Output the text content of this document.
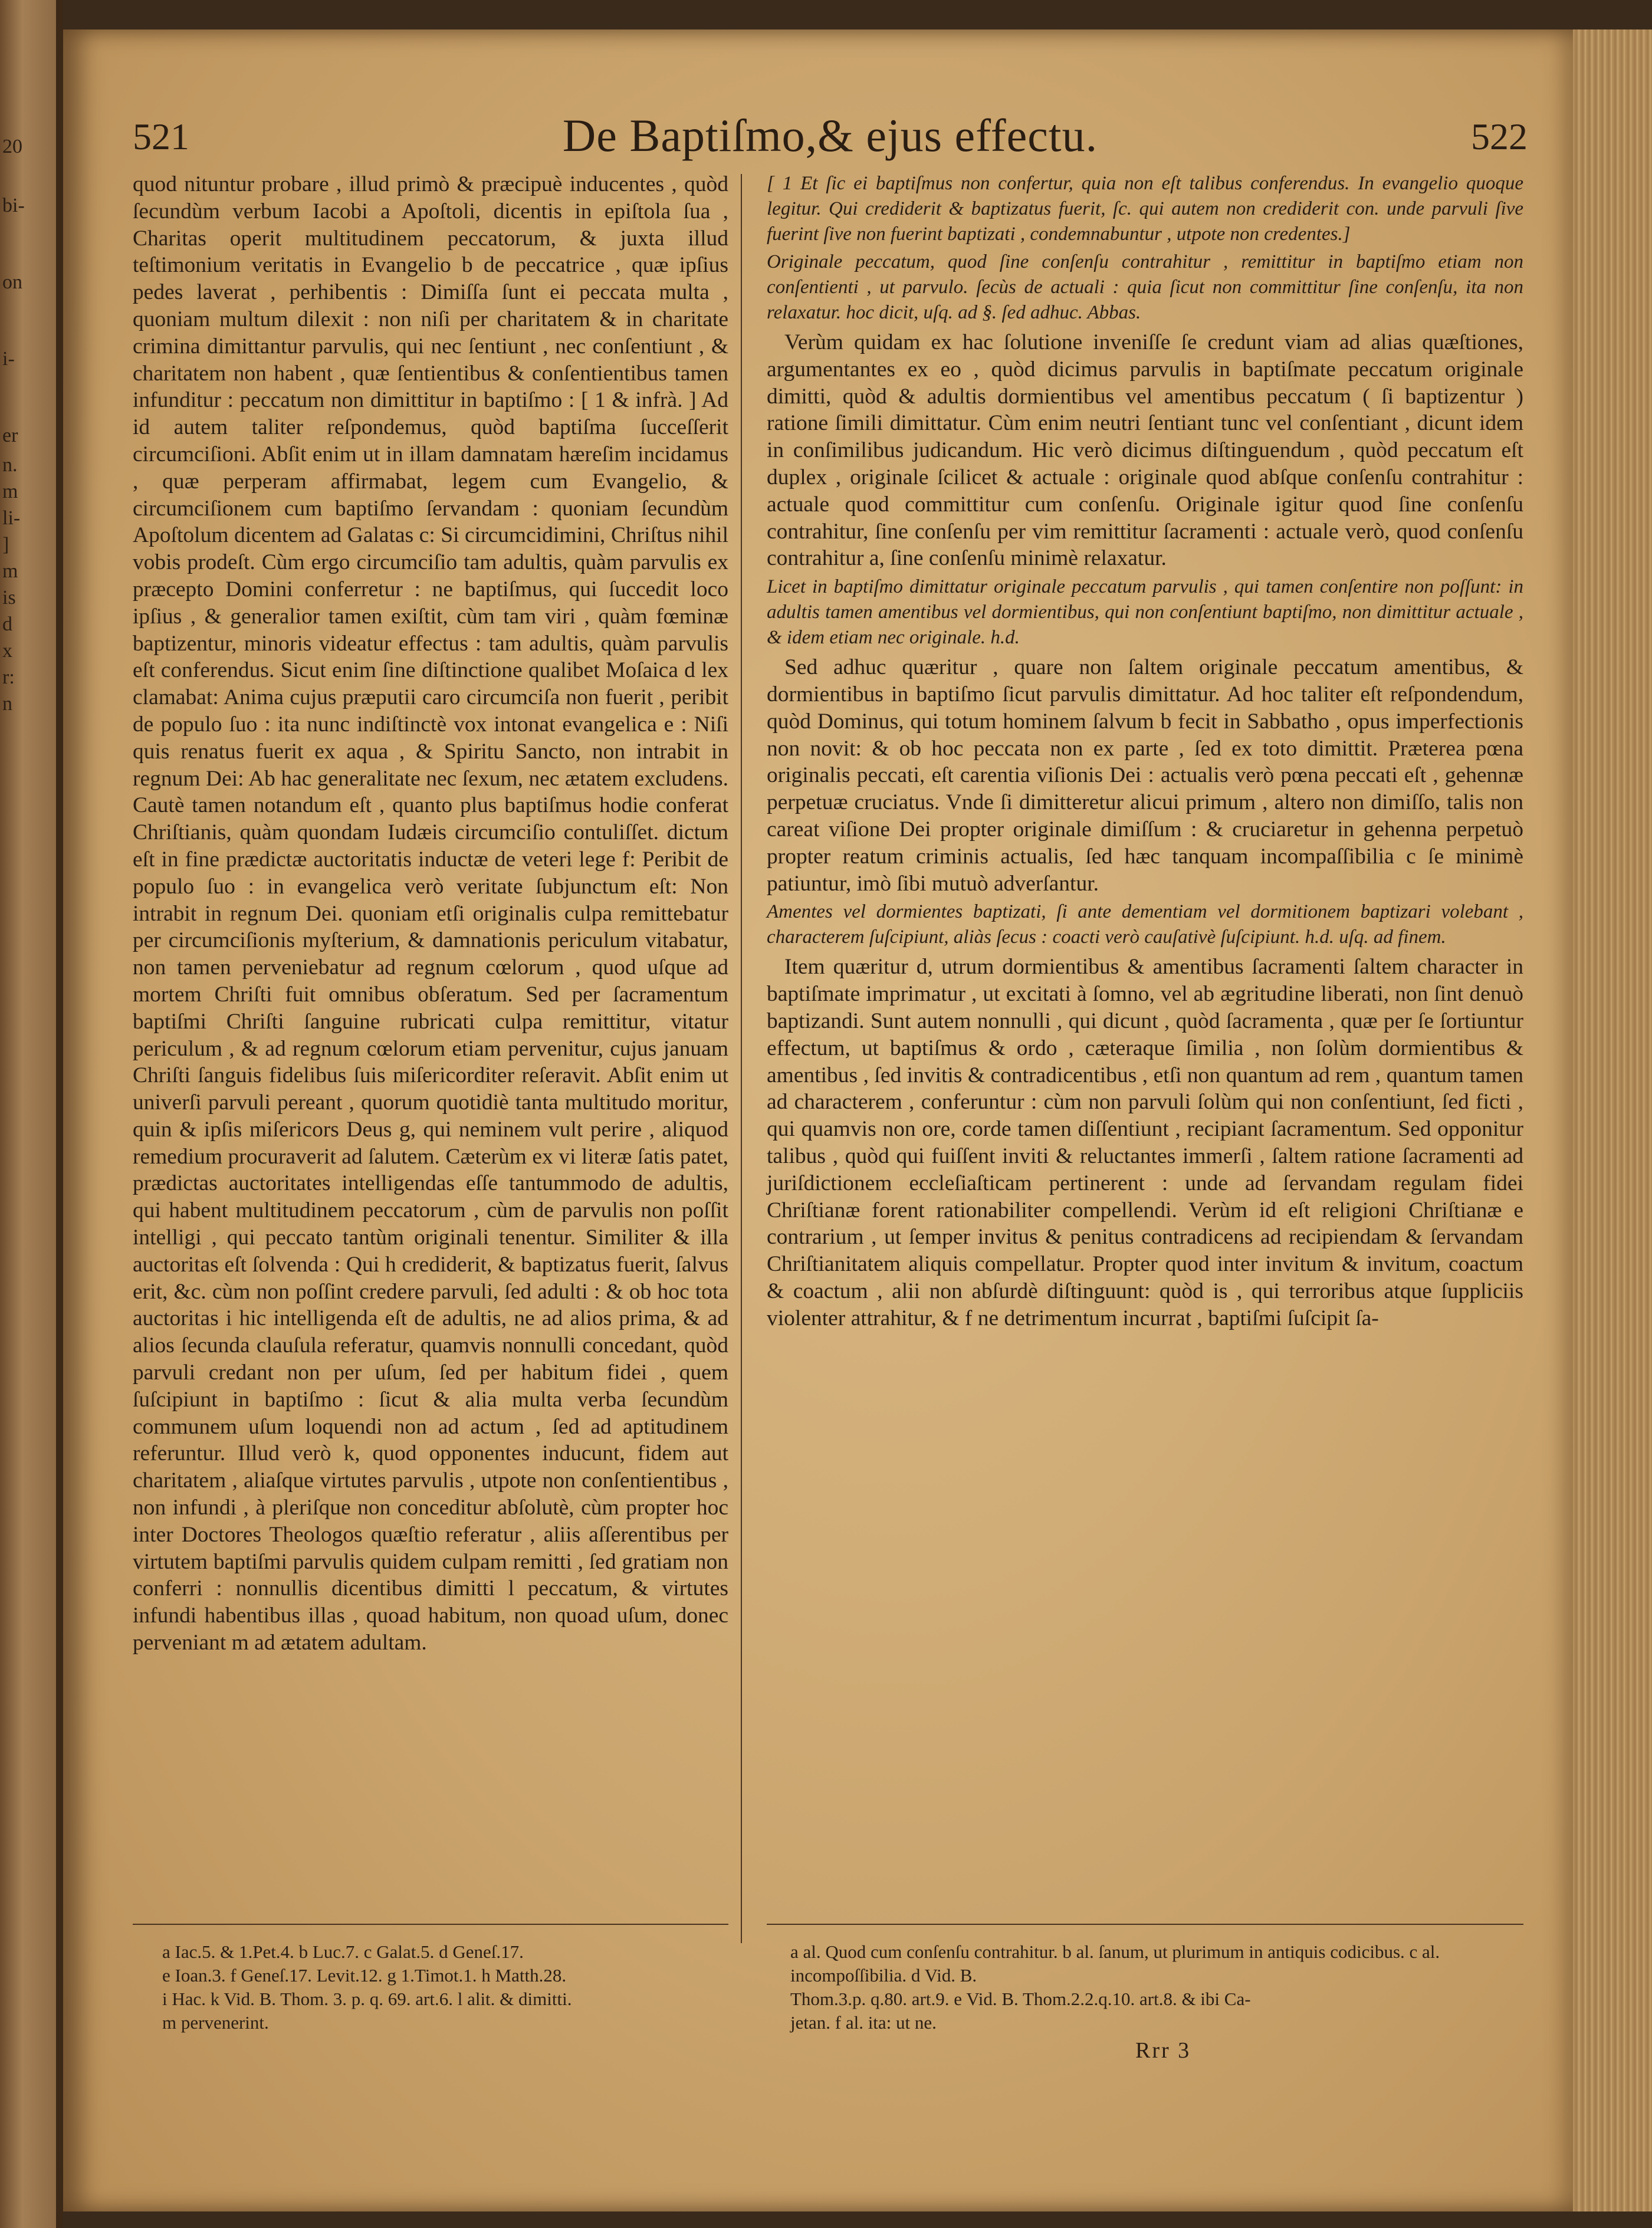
20
bi-
on
i-
er
n.
m
li-
]
m
is
d
x
r:
n
521	De Baptiſmo,& ejus effectu.	522

quod nituntur probare , illud primò & præcipuè inducentes , quòd ſecundùm verbum Iacobi a Apoſtoli, dicentis in epiſtola ſua , Charitas operit multitudinem peccatorum, & juxta illud teſtimonium veritatis in Evangelio b de peccatrice , quæ ipſius pedes laverat , perhibentis : Dimiſſa ſunt ei peccata multa , quoniam multum dilexit : non niſi per charitatem & in charitate crimina dimittantur parvulis, qui nec ſentiunt , nec conſentiunt , & charitatem non habent , quæ ſentientibus & conſentientibus tamen infunditur : peccatum non dimittitur in baptiſmo : [ 1 & infrà. ] Ad id autem taliter reſpondemus, quòd baptiſma ſucceſſerit circumciſioni. Abſit enim ut in illam damnatam hæreſim incidamus , quæ perperam affirmabat, legem cum Evangelio, & circumciſionem cum baptiſmo ſervandam : quoniam ſecundùm Apoſtolum dicentem ad Galatas c: Si circumcidimini, Chriſtus nihil vobis prodeſt. Cùm ergo circumciſio tam adultis, quàm parvulis ex præcepto Domini conferretur : ne baptiſmus, qui ſuccedit loco ipſius , & generalior tamen exiſtit, cùm tam viri , quàm fœminæ baptizentur, minoris videatur effectus : tam adultis, quàm parvulis eſt conferendus. Sicut enim ſine diſtinctione qualibet Moſaica d lex clamabat: Anima cujus præputii caro circumciſa non fuerit , peribit de populo ſuo : ita nunc indiſtinctè vox intonat evangelica e : Niſi quis renatus fuerit ex aqua , & Spiritu Sancto, non intrabit in regnum Dei: Ab hac generalitate nec ſexum, nec ætatem excludens. Cautè tamen notandum eſt , quanto plus baptiſmus hodie conferat Chriſtianis, quàm quondam Iudæis circumciſio contuliſſet. dictum eſt in fine prædictæ auctoritatis inductæ de veteri lege f: Peribit de populo ſuo : in evangelica verò veritate ſubjunctum eſt: Non intrabit in regnum Dei. quoniam etſi originalis culpa remittebatur per circumciſionis myſterium, & damnationis periculum vitabatur, non tamen perveniebatur ad regnum cœlorum , quod uſque ad mortem Chriſti fuit omnibus obſeratum. Sed per ſacramentum baptiſmi Chriſti ſanguine rubricati culpa remittitur, vitatur periculum , & ad regnum cœlorum etiam pervenitur, cujus januam Chriſti ſanguis fidelibus ſuis miſericorditer reſeravit. Abſit enim ut univerſi parvuli pereant , quorum quotidiè tanta multitudo moritur, quin & ipſis miſericors Deus g, qui neminem vult perire , aliquod remedium procuraverit ad ſalutem. Cæterùm ex vi literæ ſatis patet, prædictas auctoritates intelligendas eſſe tantummodo de adultis, qui habent multitudinem peccatorum , cùm de parvulis non poſſit intelligi , qui peccato tantùm originali tenentur. Similiter & illa auctoritas eſt ſolvenda : Qui h crediderit, & baptizatus fuerit, ſalvus erit, &c. cùm non poſſint credere parvuli, ſed adulti : & ob hoc tota auctoritas i hic intelligenda eſt de adultis, ne ad alios prima, & ad alios ſecunda clauſula referatur, quamvis nonnulli concedant, quòd parvuli credant non per uſum, ſed per habitum fidei , quem ſuſcipiunt in baptiſmo : ſicut & alia multa verba ſecundùm communem uſum loquendi non ad actum , ſed ad aptitudinem referuntur. Illud verò k, quod opponentes inducunt, fidem aut charitatem , aliaſque virtutes parvulis , utpote non conſentientibus , non infundi , à pleriſque non conceditur abſolutè, cùm propter hoc inter Doctores Theologos quæſtio referatur , aliis aſſerentibus per virtutem baptiſmi parvulis quidem culpam remitti , ſed gratiam non conferri : nonnullis dicentibus dimitti l peccatum, & virtutes infundi habentibus illas , quoad habitum, non quoad uſum, donec perveniant m ad ætatem adultam.

[ 1 Et ſic ei baptiſmus non confertur, quia non eſt talibus conferendus. In evangelio quoque legitur. Qui crediderit & baptizatus fuerit, ſc. qui autem non crediderit con. unde parvuli ſive fuerint ſive non fuerint baptizati , condemnabuntur , utpote non credentes.]

Originale peccatum, quod ſine conſenſu contrahitur , remittitur in baptiſmo etiam non conſentienti , ut parvulo. ſecùs de actuali : quia ſicut non committitur ſine conſenſu, ita non relaxatur. hoc dicit, uſq. ad §. ſed adhuc. Abbas.

Verùm quidam ex hac ſolutione inveniſſe ſe credunt viam ad alias quæſtiones, argumentantes ex eo , quòd dicimus parvulis in baptiſmate peccatum originale dimitti, quòd & adultis dormientibus vel amentibus peccatum ( ſi baptizentur ) ratione ſimili dimittatur. Cùm enim neutri ſentiant tunc vel conſentiant , dicunt idem in conſimilibus judicandum. Hic verò dicimus diſtinguendum , quòd peccatum eſt duplex , originale ſcilicet & actuale : originale quod abſque conſenſu contrahitur : actuale quod committitur cum conſenſu. Originale igitur quod ſine conſenſu contrahitur, ſine conſenſu per vim remittitur ſacramenti : actuale verò, quod conſenſu contrahitur a, ſine conſenſu minimè relaxatur.

Licet in baptiſmo dimittatur originale peccatum parvulis , qui tamen conſentire non poſſunt: in adultis tamen amentibus vel dormientibus, qui non conſentiunt baptiſmo, non dimittitur actuale , & idem etiam nec originale. h.d.

Sed adhuc quæritur , quare non ſaltem originale peccatum amentibus, & dormientibus in baptiſmo ſicut parvulis dimittatur. Ad hoc taliter eſt reſpondendum, quòd Dominus, qui totum hominem ſalvum b fecit in Sabbatho , opus imperfectionis non novit: & ob hoc peccata non ex parte , ſed ex toto dimittit. Præterea pœna originalis peccati, eſt carentia viſionis Dei : actualis verò pœna peccati eſt , gehennæ perpetuæ cruciatus. Vnde ſi dimitteretur alicui primum , altero non dimiſſo, talis non careat viſione Dei propter originale dimiſſum : & cruciaretur in gehenna perpetuò propter reatum criminis actualis, ſed hæc tanquam incompaſſibilia c ſe minimè patiuntur, imò ſibi mutuò adverſantur.

Amentes vel dormientes baptizati, ſi ante dementiam vel dormitionem baptizari volebant , characterem ſuſcipiunt, aliàs ſecus : coacti verò cauſativè ſuſcipiunt. h.d. uſq. ad finem.

Item quæritur d, utrum dormientibus & amentibus ſacramenti ſaltem character in baptiſmate imprimatur , ut excitati à ſomno, vel ab ægritudine liberati, non ſint denuò baptizandi. Sunt autem nonnulli , qui dicunt , quòd ſacramenta , quæ per ſe ſortiuntur effectum, ut baptiſmus & ordo , cæteraque ſimilia , non ſolùm dormientibus & amentibus , ſed invitis & contradicentibus , etſi non quantum ad rem , quantum tamen ad characterem , conferuntur : cùm non parvuli ſolùm qui non conſentiunt, ſed ficti , qui quamvis non ore, corde tamen diſſentiunt , recipiant ſacramentum. Sed opponitur talibus , quòd qui fuiſſent inviti & reluctantes immerſi , ſaltem ratione ſacramenti ad juriſdictionem eccleſiaſticam pertinerent : unde ad ſervandam regulam fidei Chriſtianæ forent rationabiliter compellendi. Verùm id eſt religioni Chriſtianæ e contrarium , ut ſemper invitus & penitus contradicens ad recipiendam & ſervandam Chriſtianitatem aliquis compellatur. Propter quod inter invitum & invitum, coactum & coactum , alii non abſurdè diſtinguunt: quòd is , qui terroribus atque ſuppliciis violenter attrahitur, & f ne detrimentum incurrat , baptiſmi ſuſcipit ſa-

a Iac.5. & 1.Pet.4. b Luc.7. c Galat.5. d Geneſ.17.
e Ioan.3. f Geneſ.17. Levit.12. g 1.Timot.1. h Matth.28.
i Hac. k Vid. B. Thom. 3. p. q. 69. art.6. l alit. & dimitti.
m pervenerint.
a al. Quod cum conſenſu contrahitur. b al. ſanum, ut plurimum in antiquis codicibus. c al. incompoſſibilia. d Vid. B.
Thom.3.p. q.80. art.9. e Vid. B. Thom.2.2.q.10. art.8. & ibi Ca-
jetan. f al. ita: ut ne.
Rrr 3
